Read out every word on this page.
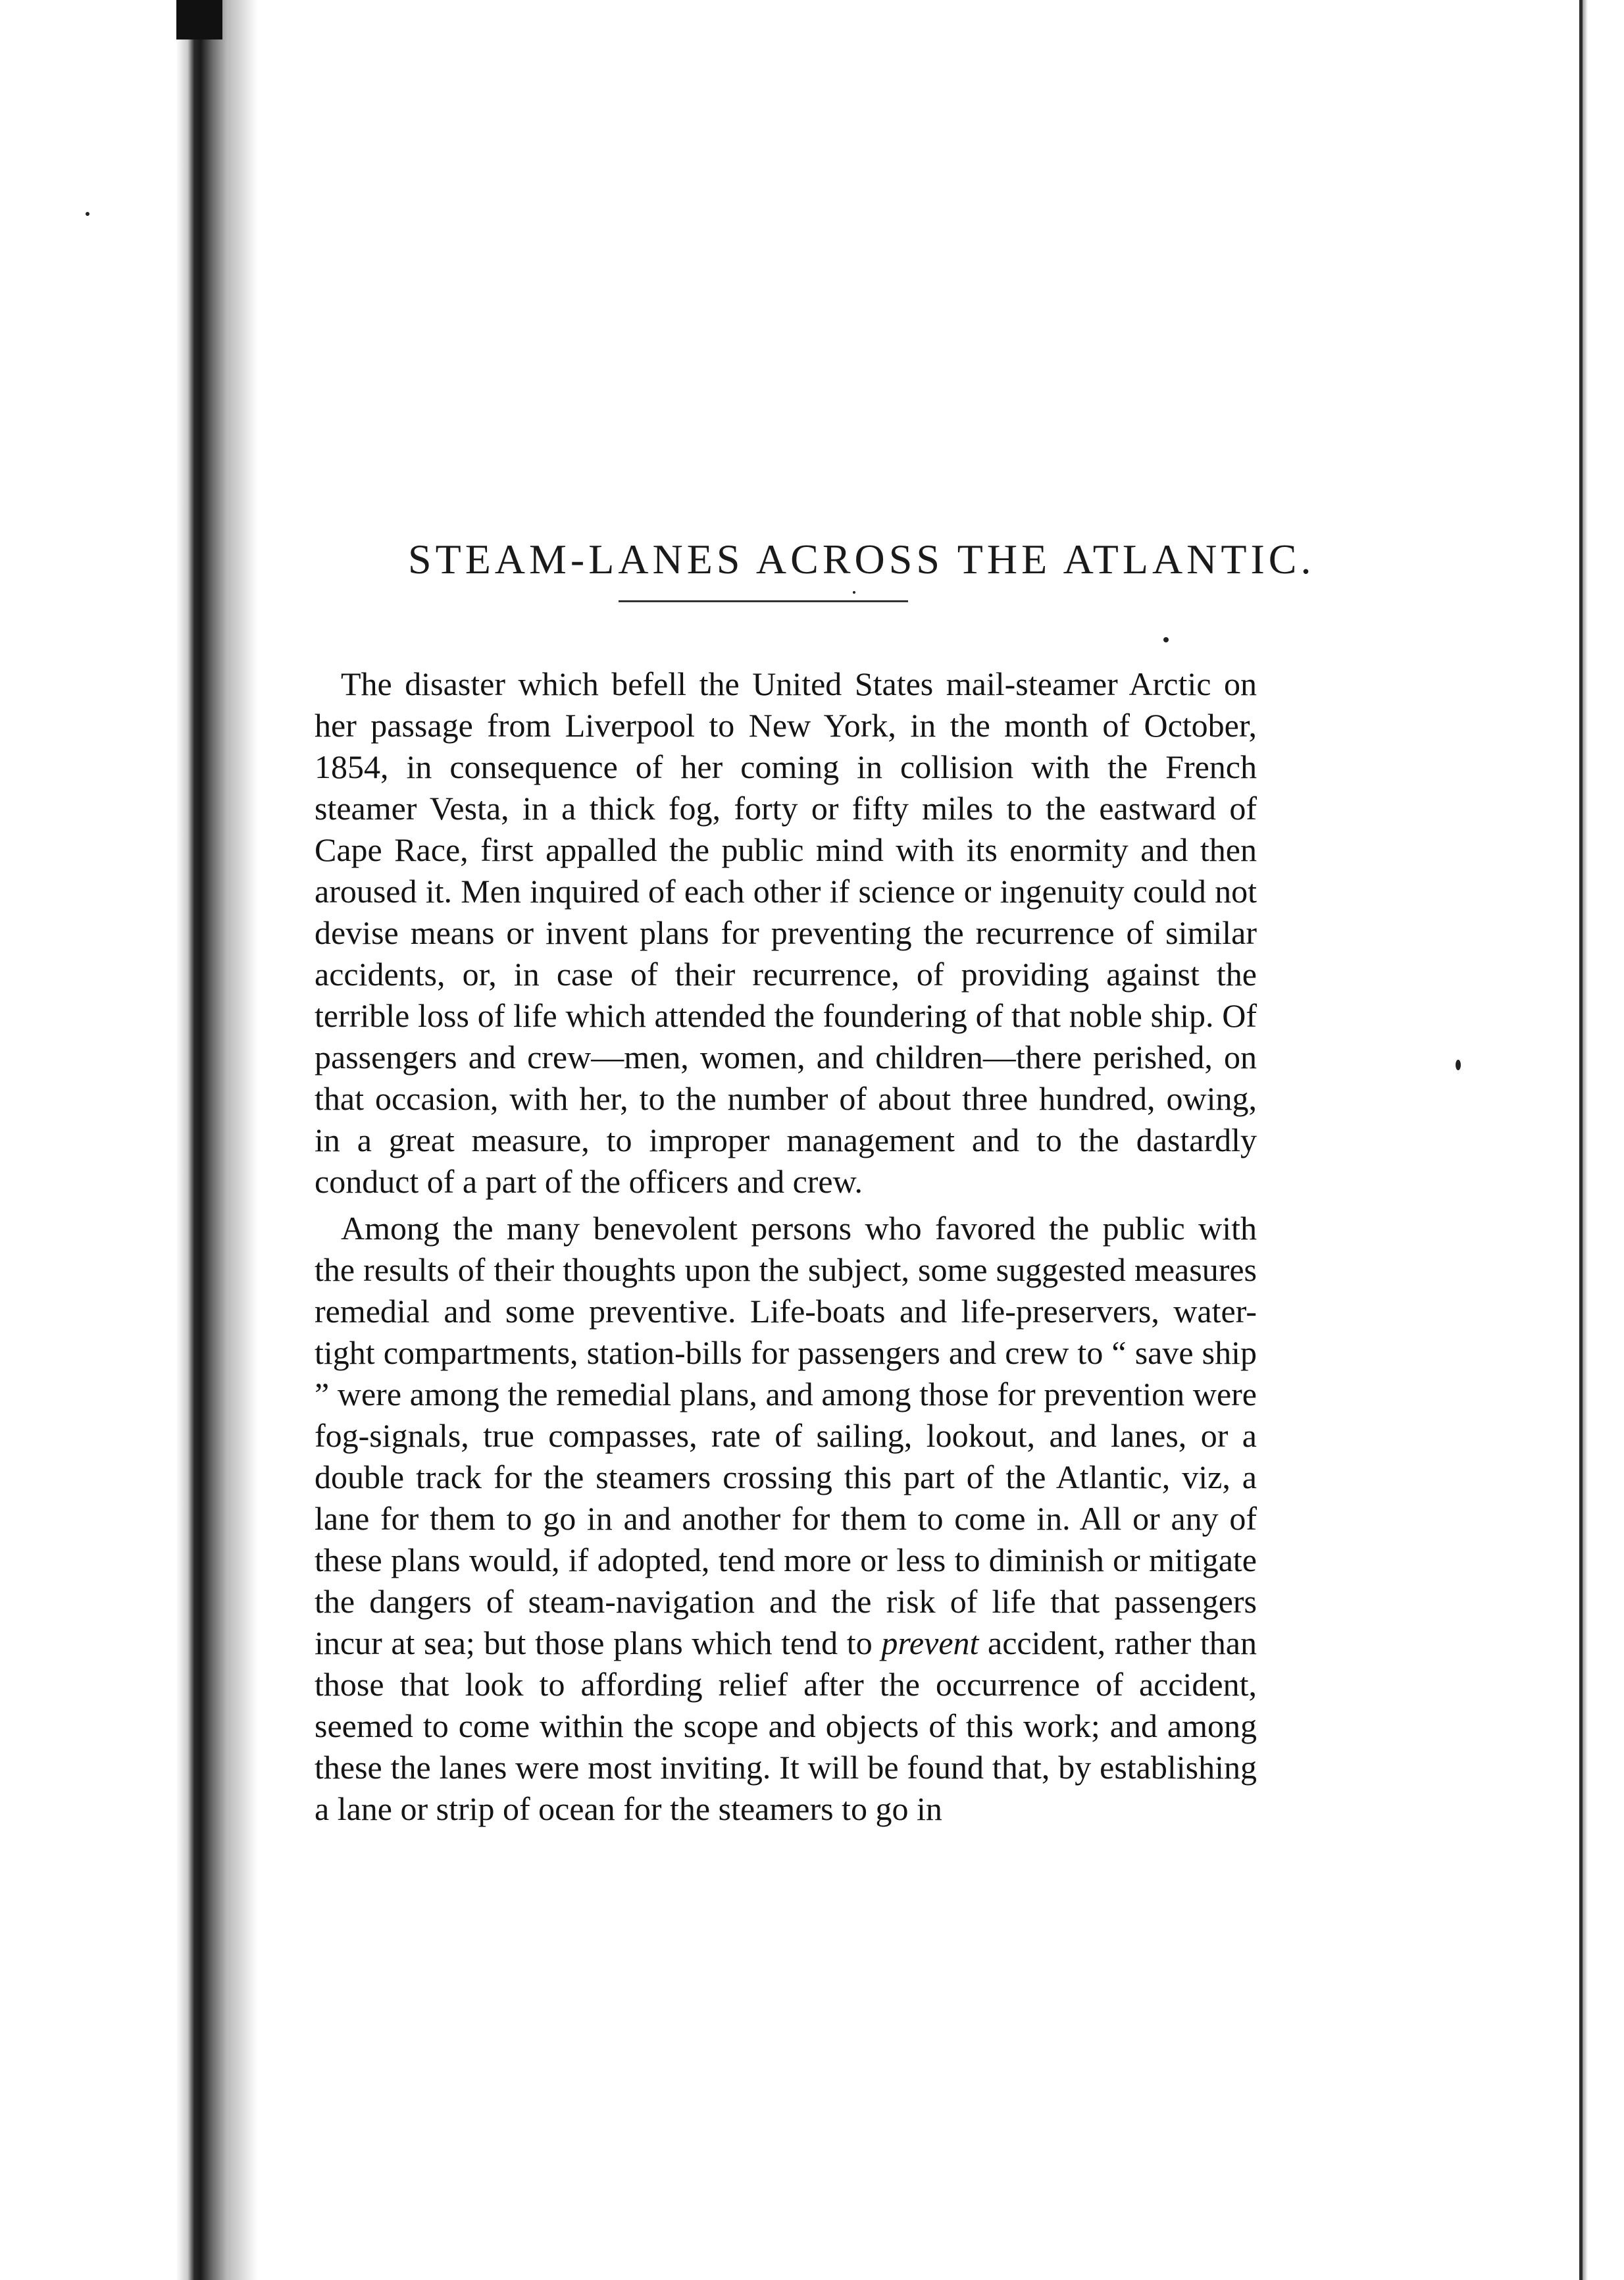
STEAM-LANES ACROSS THE ATLANTIC.

The disaster which befell the United States mail-steamer Arctic on her passage from Liverpool to New York, in the month of October, 1854, in consequence of her coming in collision with the French steamer Vesta, in a thick fog, forty or fifty miles to the eastward of Cape Race, first appalled the public mind with its enormity and then aroused it. Men inquired of each other if science or ingenuity could not devise means or invent plans for preventing the recurrence of similar accidents, or, in case of their recurrence, of providing against the terrible loss of life which attended the foundering of that noble ship. Of passengers and crew—men, women, and children—there perished, on that occasion, with her, to the number of about three hundred, owing, in a great measure, to improper management and to the dastardly conduct of a part of the officers and crew.

Among the many benevolent persons who favored the public with the results of their thoughts upon the subject, some suggested measures remedial and some preventive. Life-boats and life-preservers, water-tight compartments, station-bills for passengers and crew to “ save ship ” were among the remedial plans, and among those for prevention were fog-signals, true compasses, rate of sailing, lookout, and lanes, or a double track for the steamers crossing this part of the Atlantic, viz, a lane for them to go in and another for them to come in. All or any of these plans would, if adopted, tend more or less to diminish or mitigate the dangers of steam-navigation and the risk of life that passengers incur at sea; but those plans which tend to prevent accident, rather than those that look to affording relief after the occurrence of accident, seemed to come within the scope and objects of this work; and among these the lanes were most inviting. It will be found that, by establishing a lane or strip of ocean for the steamers to go in
